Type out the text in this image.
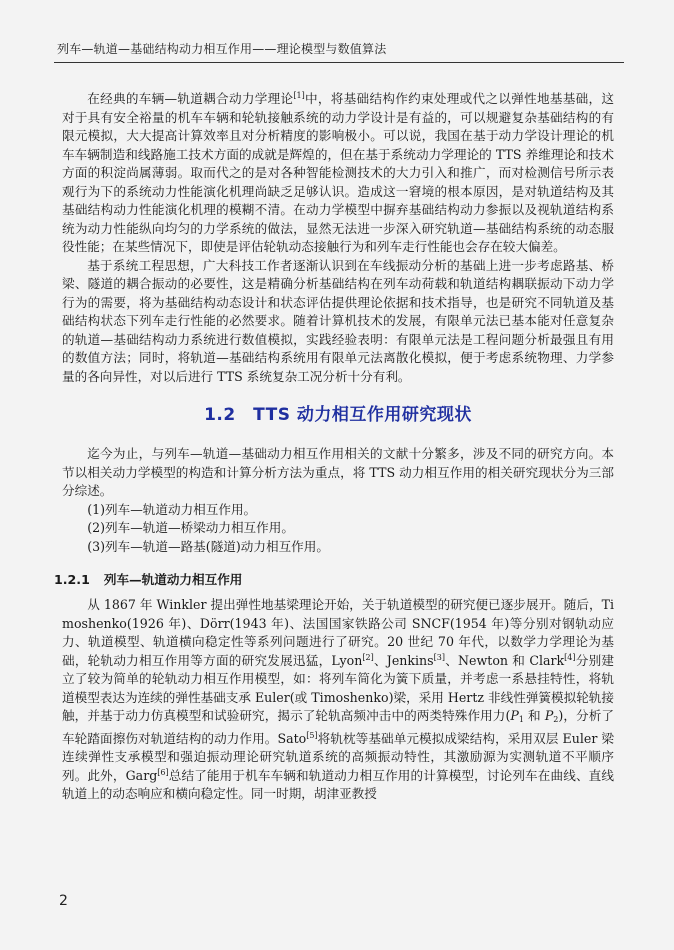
列车—轨道—基础结构动力相互作用——理论模型与数值算法

在经典的车辆—轨道耦合动力学理论[1]中，将基础结构作约束处理或代之以弹性地基基础，这对于具有安全裕量的机车车辆和轮轨接触系统的动力学设计是有益的，可以规避复杂基础结构的有限元模拟，大大提高计算效率且对分析精度的影响极小。可以说，我国在基于动力学设计理论的机车车辆制造和线路施工技术方面的成就是辉煌的，但在基于系统动力学理论的 TTS 养维理论和技术方面的积淀尚属薄弱。取而代之的是对各种智能检测技术的大力引入和推广，而对检测信号所示表观行为下的系统动力性能演化机理尚缺乏足够认识。造成这一窘境的根本原因，是对轨道结构及其基础结构动力性能演化机理的模糊不清。在动力学模型中摒弃基础结构动力参振以及视轨道结构系统为动力性能纵向均匀的力学系统的做法，显然无法进一步深入研究轨道—基础结构系统的动态服役性能；在某些情况下，即使是评估轮轨动态接触行为和列车走行性能也会存在较大偏差。

基于系统工程思想，广大科技工作者逐渐认识到在车线振动分析的基础上进一步考虑路基、桥梁、隧道的耦合振动的必要性，这是精确分析基础结构在列车动荷载和轨道结构耦联振动下动力学行为的需要，将为基础结构动态设计和状态评估提供理论依据和技术指导，也是研究不同轨道及基础结构状态下列车走行性能的必然要求。随着计算机技术的发展，有限单元法已基本能对任意复杂的轨道—基础结构动力系统进行数值模拟，实践经验表明：有限单元法是工程问题分析最强且有用的数值方法；同时，将轨道—基础结构系统用有限单元法离散化模拟，便于考虑系统物理、力学参量的各向异性，对以后进行 TTS 系统复杂工况分析十分有利。

1.2　TTS 动力相互作用研究现状

迄今为止，与列车—轨道—基础动力相互作用相关的文献十分繁多，涉及不同的研究方向。本节以相关动力学模型的构造和计算分析方法为重点，将 TTS 动力相互作用的相关研究现状分为三部分综述。

(1)列车—轨道动力相互作用。
(2)列车—轨道—桥梁动力相互作用。
(3)列车—轨道—路基(隧道)动力相互作用。
1.2.1 列车—轨道动力相互作用

从 1867 年 Winkler 提出弹性地基梁理论开始，关于轨道模型的研究便已逐步展开。随后，Timoshenko(1926 年)、Dörr(1943 年)、法国国家铁路公司 SNCF(1954 年)等分别对钢轨动应力、轨道模型、轨道横向稳定性等系列问题进行了研究。20 世纪 70 年代，以数学力学理论为基础，轮轨动力相互作用等方面的研究发展迅猛，Lyon[2]、Jenkins[3]、Newton 和 Clark[4]分别建立了较为简单的轮轨动力相互作用模型，如：将列车简化为簧下质量，并考虑一系悬挂特性，将轨道模型表达为连续的弹性基础支承 Euler(或 Timoshenko)梁，采用 Hertz 非线性弹簧模拟轮轨接触，并基于动力仿真模型和试验研究，揭示了轮轨高频冲击中的两类特殊作用力($P_1$ 和 $P_2$)，分析了车轮踏面擦伤对轨道结构的动力作用。Sato[5]将轨枕等基础单元模拟成梁结构，采用双层 Euler 梁连续弹性支承模型和强迫振动理论研究轨道系统的高频振动特性，其激励源为实测轨道不平顺序列。此外，Garg[6]总结了能用于机车车辆和轨道动力相互作用的计算模型，讨论列车在曲线、直线轨道上的动态响应和横向稳定性。同一时期，胡津亚教授

2
